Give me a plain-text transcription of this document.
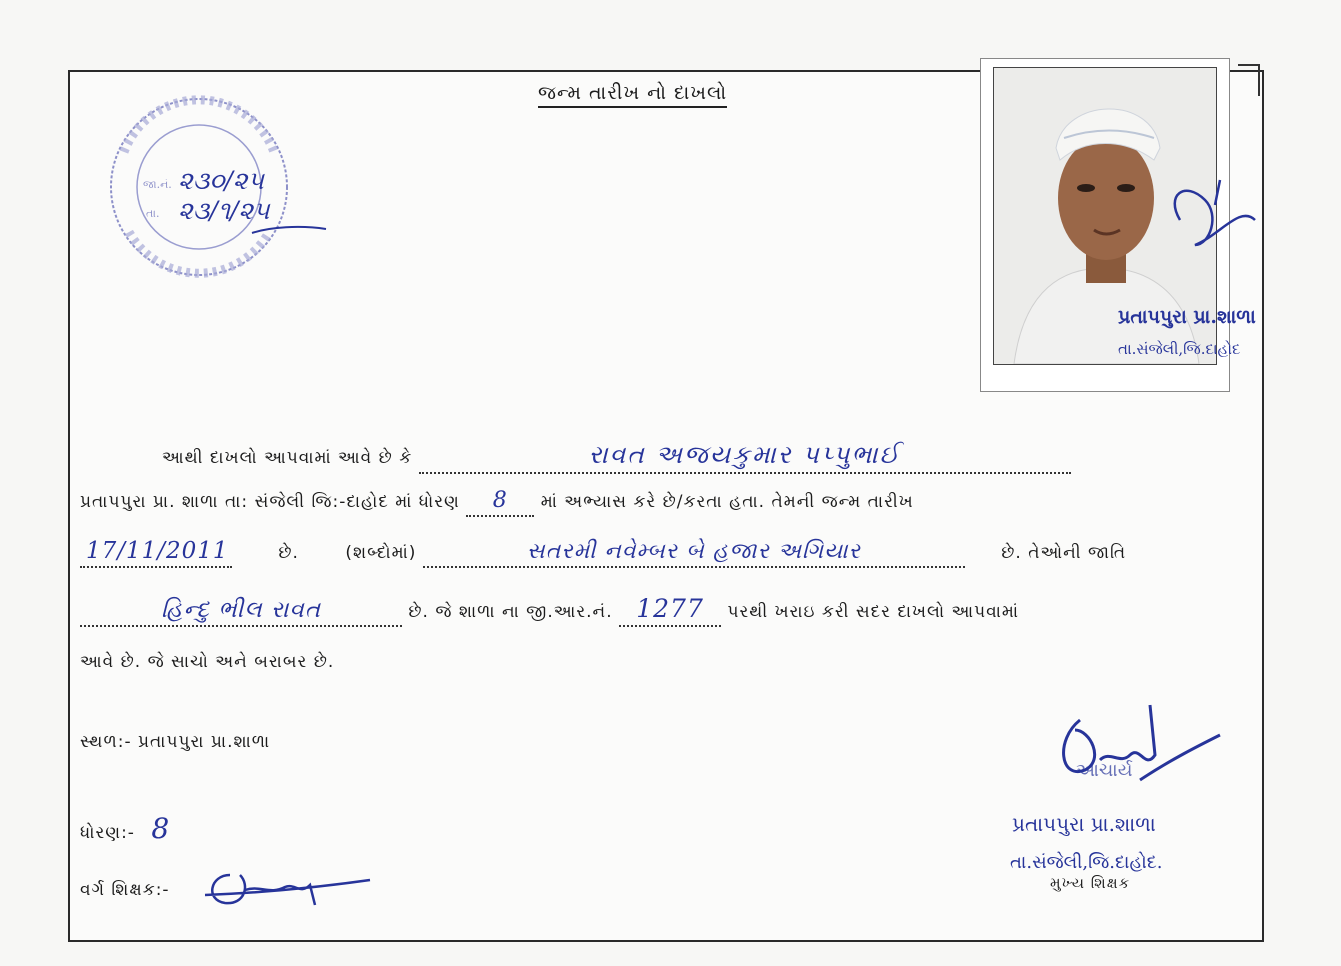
જન્મ તારીખ નો દાખલો
જા.નં. ૨૩૦/૨૫
તા. ૨૩/૧/૨૫
પ્રતાપપુરા પ્રા.શાળા
તા.સંજેલી,જિ.દાહોદ
આથી દાખલો આપવામાં આવે છે કે	રાવત અજયકુમાર પપ્પુભાઈ
પ્રતાપપુરા પ્રા. શાળા તા: સંજેલી જિ:-દાહોદ માં ધોરણ 8 માં અભ્યાસ કરે છે/કરતા હતા. તેમની જન્મ તારીખ
17/11/2011	છે.	(શબ્દોમાં)	સતરમી નવેમ્બર બે હજાર અગિયાર	છે. તેઓની જાતિ
હિન્દુ ભીલ રાવત	છે. જે શાળા ના જી.આર.નં. 1277 પરથી ખરાઇ કરી સદર દાખલો આપવામાં
આવે છે. જે સાચો અને બરાબર છે.
સ્થળ:- પ્રતાપપુરા પ્રા.શાળા
ધોરણ:- 8
વર્ગ શિક્ષક:-
આચાર્ય
પ્રતાપપુરા પ્રા.શાળા
તા.સંજેલી,જિ.દાહોદ.
મુખ્ય શિક્ષક
